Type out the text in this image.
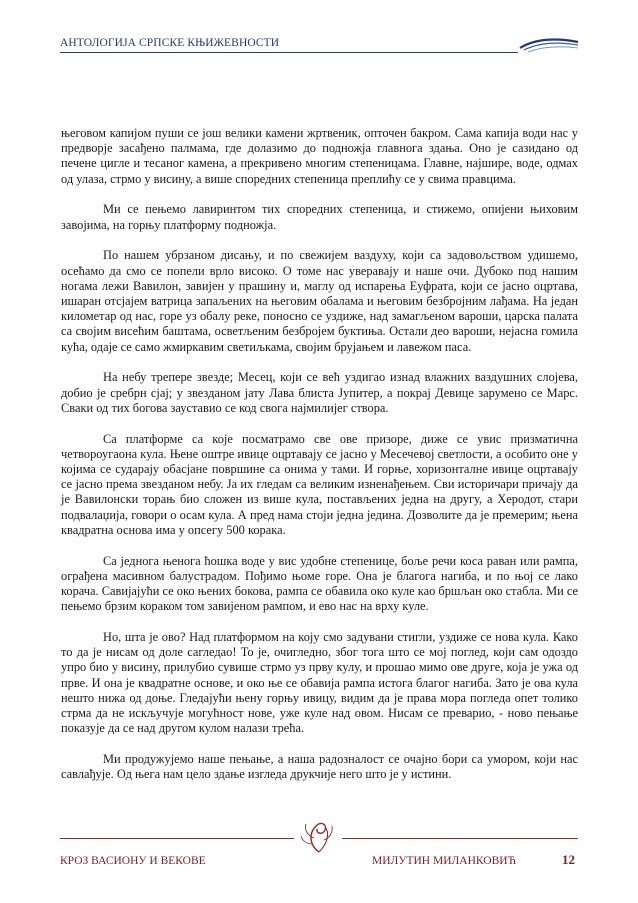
АНТОЛОГИЈА СРПСКЕ КЊИЖЕВНОСТИ

његовом капијом пуши се још велики камени жртвеник, опточен бакром. Сама капија води нас у предворје засађено палмама, где долазимо до подножја главнога здања. Оно је сазидано од печене цигле и тесаног камена, а прекривено многим степеницама. Главне, најшире, воде, одмах од улаза, стрмо у висину, а више споредних степеница преплићу се у свима правцима.

Ми се пењемо лавиринтом тих споредних степеница, и стижемо, опијени њиховим завојима, на горњу платформу подножја.

По нашем убрзаном дисању, и по свежијем ваздуху, који са задовољством удишемо, осећамо да смо се попели врло високо. О томе нас уверавају и наше очи. Дубоко под нашим ногама лежи Вавилон, завијен у прашину и, маглу од испарења Еуфрата, који се јасно оцртава, ишаран отсјајем ватрица запаљених на његовим обалама и његовим безбројним лађама. На један километар од нас, горе уз обалу реке, поносно се уздиже, над замагљеном вароши, царска палата са својим висећим баштама, осветљеним безбројем буктиња. Остали део вароши, нејасна гомила кућа, одаје се само жмиркавим светиљкама, својим брујањем и лавежом паса.

На небу трепере звезде; Месец, који се већ уздигао изнад влажних ваздушних слојева, добио је сребрн сјај; у звезданом јату Лава блиста Јупитер, а покрај Девице зарумено се Марс. Сваки од тих богова зауставио се код свога најмилијег створа.

Са платформе са које посматрамо све ове призоре, диже се увис призматична четвороугаона кула. Њене оштре ивице оцртавају се јасно у Месечевој светлости, а особито оне у којима се сударају обасјане површине са онима у тами. И горње, хоризонталне ивице оцртавају се јасно према звезданом небу. Ја их гледам са великим изненађењем. Сви историчари причају да је Вавилонски торањ био сложен из више кула, постављених једна на другу, а Херодот, стари подвалаџија, говори о осам кула. А пред нама стоји једна јединa. Дозволите да је премерим; њена квадратна основа има у опсегу 500 корака.

Са једнога њенога ћошка воде у вис удобне степенице, боље речи коса раван или рампа, ограђена масивном балустрадом. Пођимо њоме горе. Она је благога нагиба, и по њој се лако корача. Савијајући се око њених бокова, рампа се обавила око куле као бршљан око стабла. Ми се пењемо брзим кораком том завијеном рампом, и ево нас на врху куле.

Но, шта је ово? Над платформом на коју смо задувани стигли, уздиже се нова кула. Како то да је нисам од доле сагледао! То је, очигледно, због тога што се мој поглед, који сам одоздо упро био у висину, прилубио сувише стрмо уз прву кулу, и прошао мимо ове друге, која је ужа од прве. И она је квадратне основе, и око ње се обавија рампа истога благог нагиба. Зато је ова кула нешто нижа од доње. Гледајући њену горњу ивицу, видим да је права мора погледа опет толико стрма да не искључује могућност нове, уже куле над овом. Нисам се преварио, - ново пењање показује да се над другом кулом налази трећа.

Ми продужујемо наше пењање, а наша радозналост се очајно бори са умором, који нас савлађује. Од њега нам цело здање изгледа друкчије него што је у истини.

КРОЗ ВАСИОНУ И ВЕКОВЕ	МИЛУТИН МИЛАНКОВИЋ	12
